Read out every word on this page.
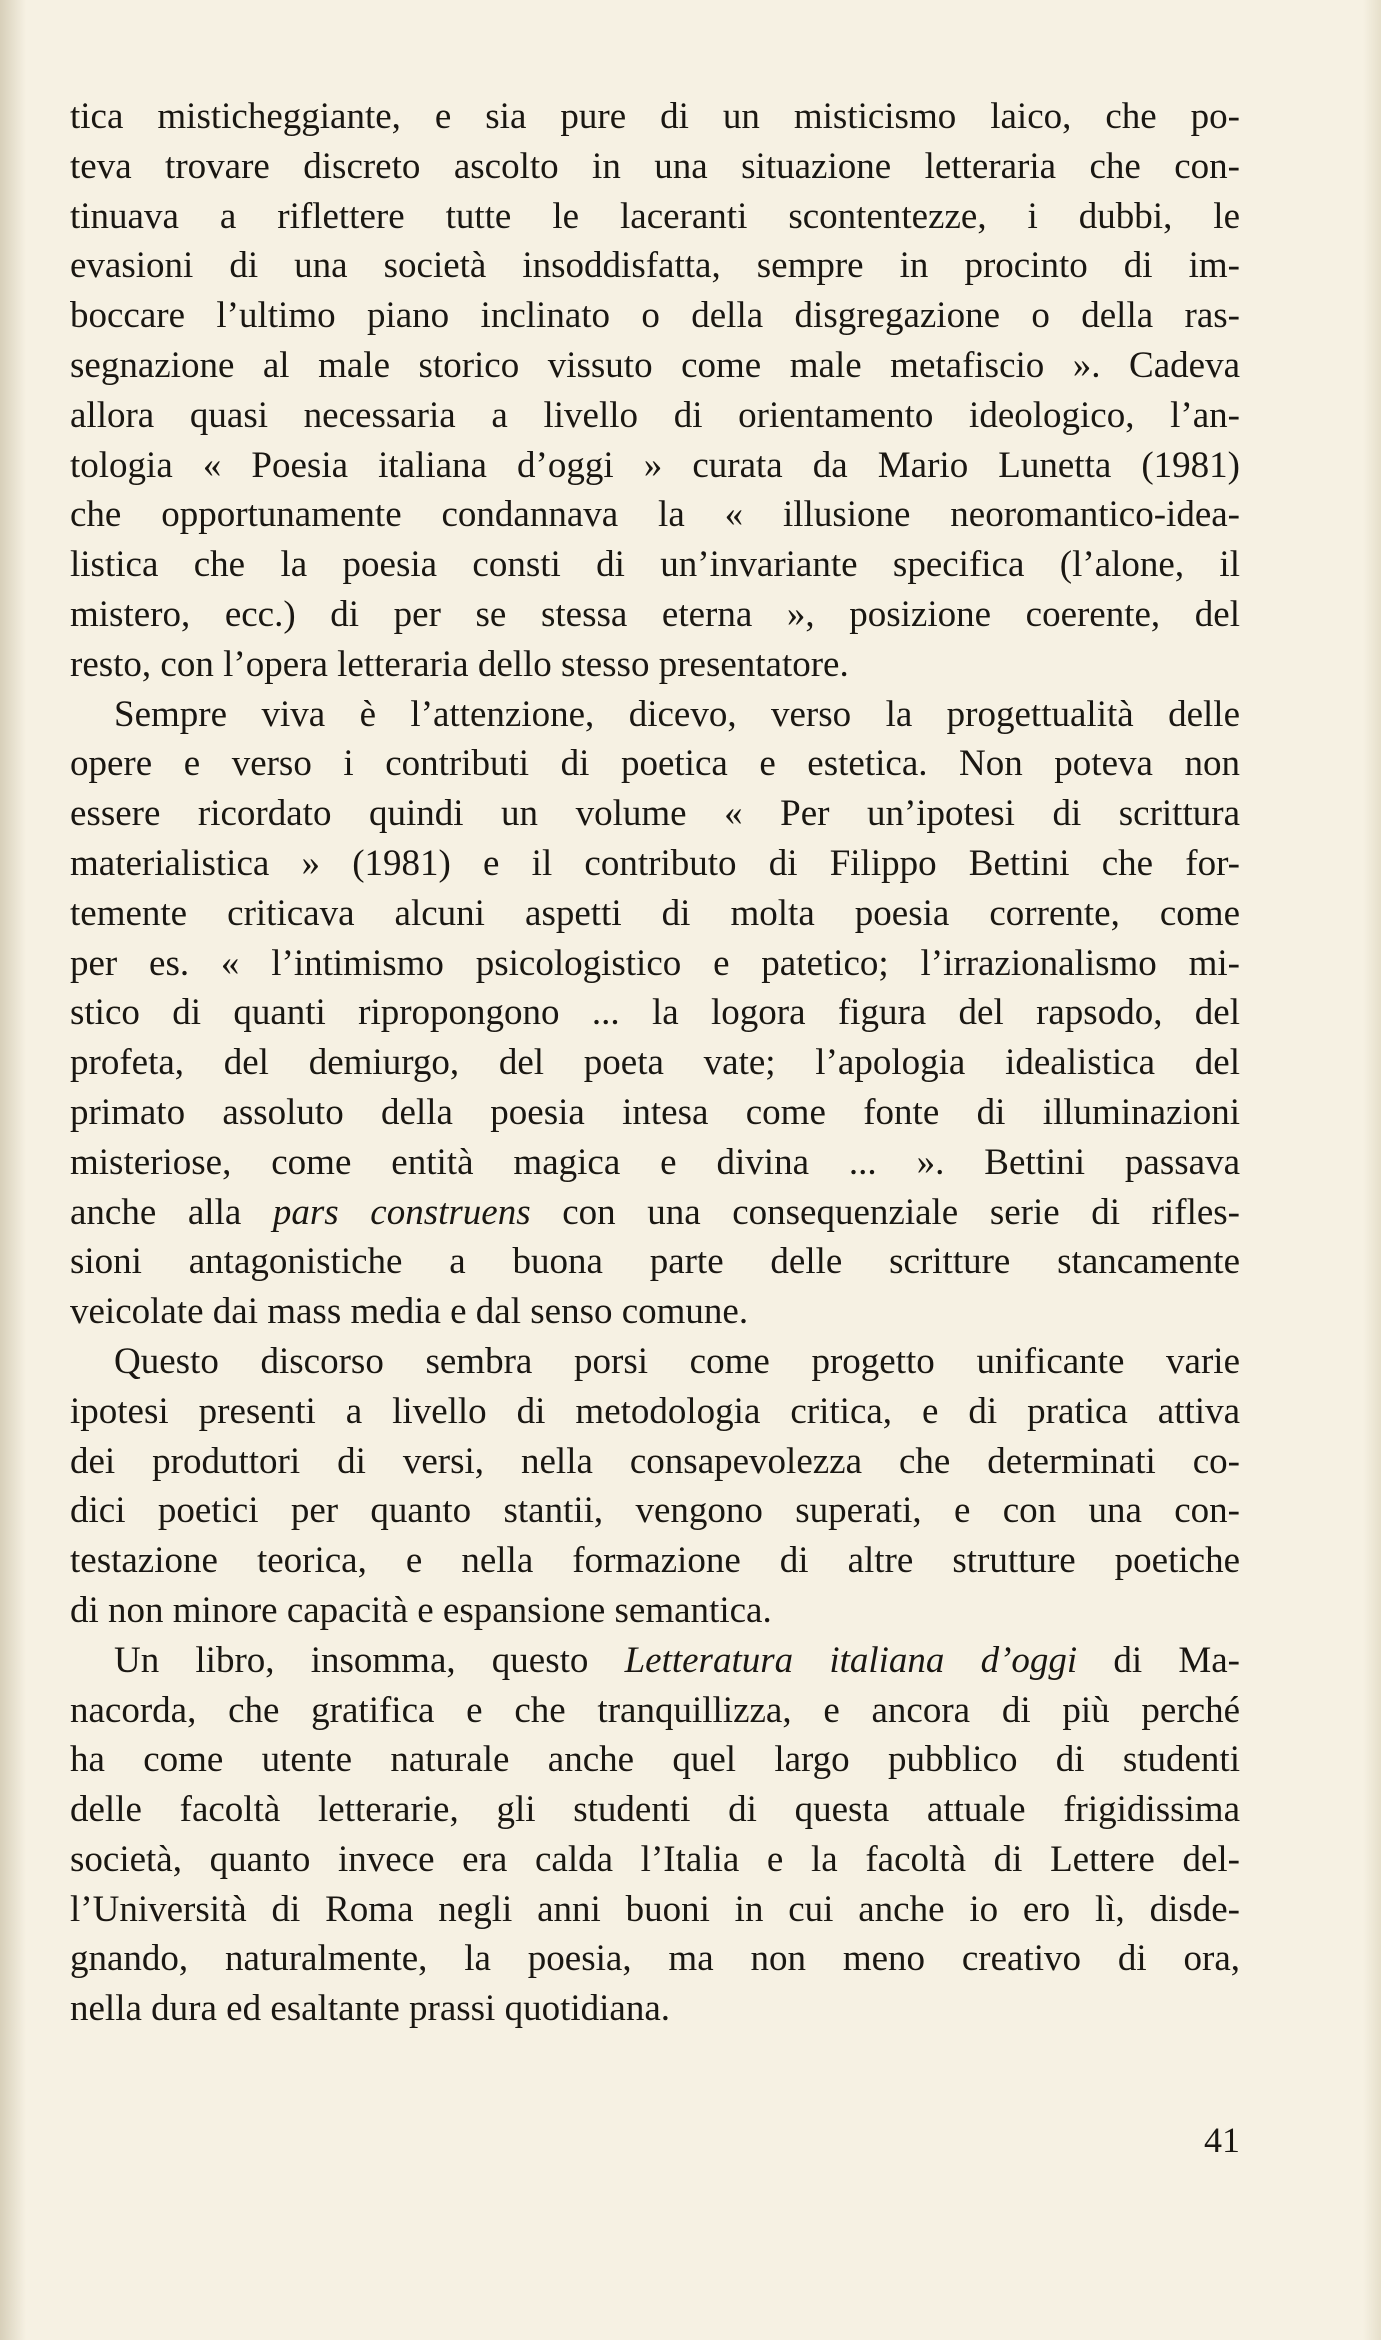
tica misticheggiante, e sia pure di un misticismo laico, che po-
teva trovare discreto ascolto in una situazione letteraria che con-
tinuava a riflettere tutte le laceranti scontentezze, i dubbi, le
evasioni di una società insoddisfatta, sempre in procinto di im-
boccare l’ultimo piano inclinato o della disgregazione o della ras-
segnazione al male storico vissuto come male metafiscio ». Cadeva
allora quasi necessaria a livello di orientamento ideologico, l’an-
tologia « Poesia italiana d’oggi » curata da Mario Lunetta (1981)
che opportunamente condannava la « illusione neoromantico-idea-
listica che la poesia consti di un’invariante specifica (l’alone, il
mistero, ecc.) di per se stessa eterna », posizione coerente, del
resto, con l’opera letteraria dello stesso presentatore.
Sempre viva è l’attenzione, dicevo, verso la progettualità delle
opere e verso i contributi di poetica e estetica. Non poteva non
essere ricordato quindi un volume « Per un’ipotesi di scrittura
materialistica » (1981) e il contributo di Filippo Bettini che for-
temente criticava alcuni aspetti di molta poesia corrente, come
per es. « l’intimismo psicologistico e patetico; l’irrazionalismo mi-
stico di quanti ripropongono ... la logora figura del rapsodo, del
profeta, del demiurgo, del poeta vate; l’apologia idealistica del
primato assoluto della poesia intesa come fonte di illuminazioni
misteriose, come entità magica e divina ... ». Bettini passava
anche alla pars construens con una consequenziale serie di rifles-
sioni antagonistiche a buona parte delle scritture stancamente
veicolate dai mass media e dal senso comune.
Questo discorso sembra porsi come progetto unificante varie
ipotesi presenti a livello di metodologia critica, e di pratica attiva
dei produttori di versi, nella consapevolezza che determinati co-
dici poetici per quanto stantii, vengono superati, e con una con-
testazione teorica, e nella formazione di altre strutture poetiche
di non minore capacità e espansione semantica.
Un libro, insomma, questo Letteratura italiana d’oggi di Ma-
nacorda, che gratifica e che tranquillizza, e ancora di più perché
ha come utente naturale anche quel largo pubblico di studenti
delle facoltà letterarie, gli studenti di questa attuale frigidissima
società, quanto invece era calda l’Italia e la facoltà di Lettere del-
l’Università di Roma negli anni buoni in cui anche io ero lì, disde-
gnando, naturalmente, la poesia, ma non meno creativo di ora,
nella dura ed esaltante prassi quotidiana.
41
